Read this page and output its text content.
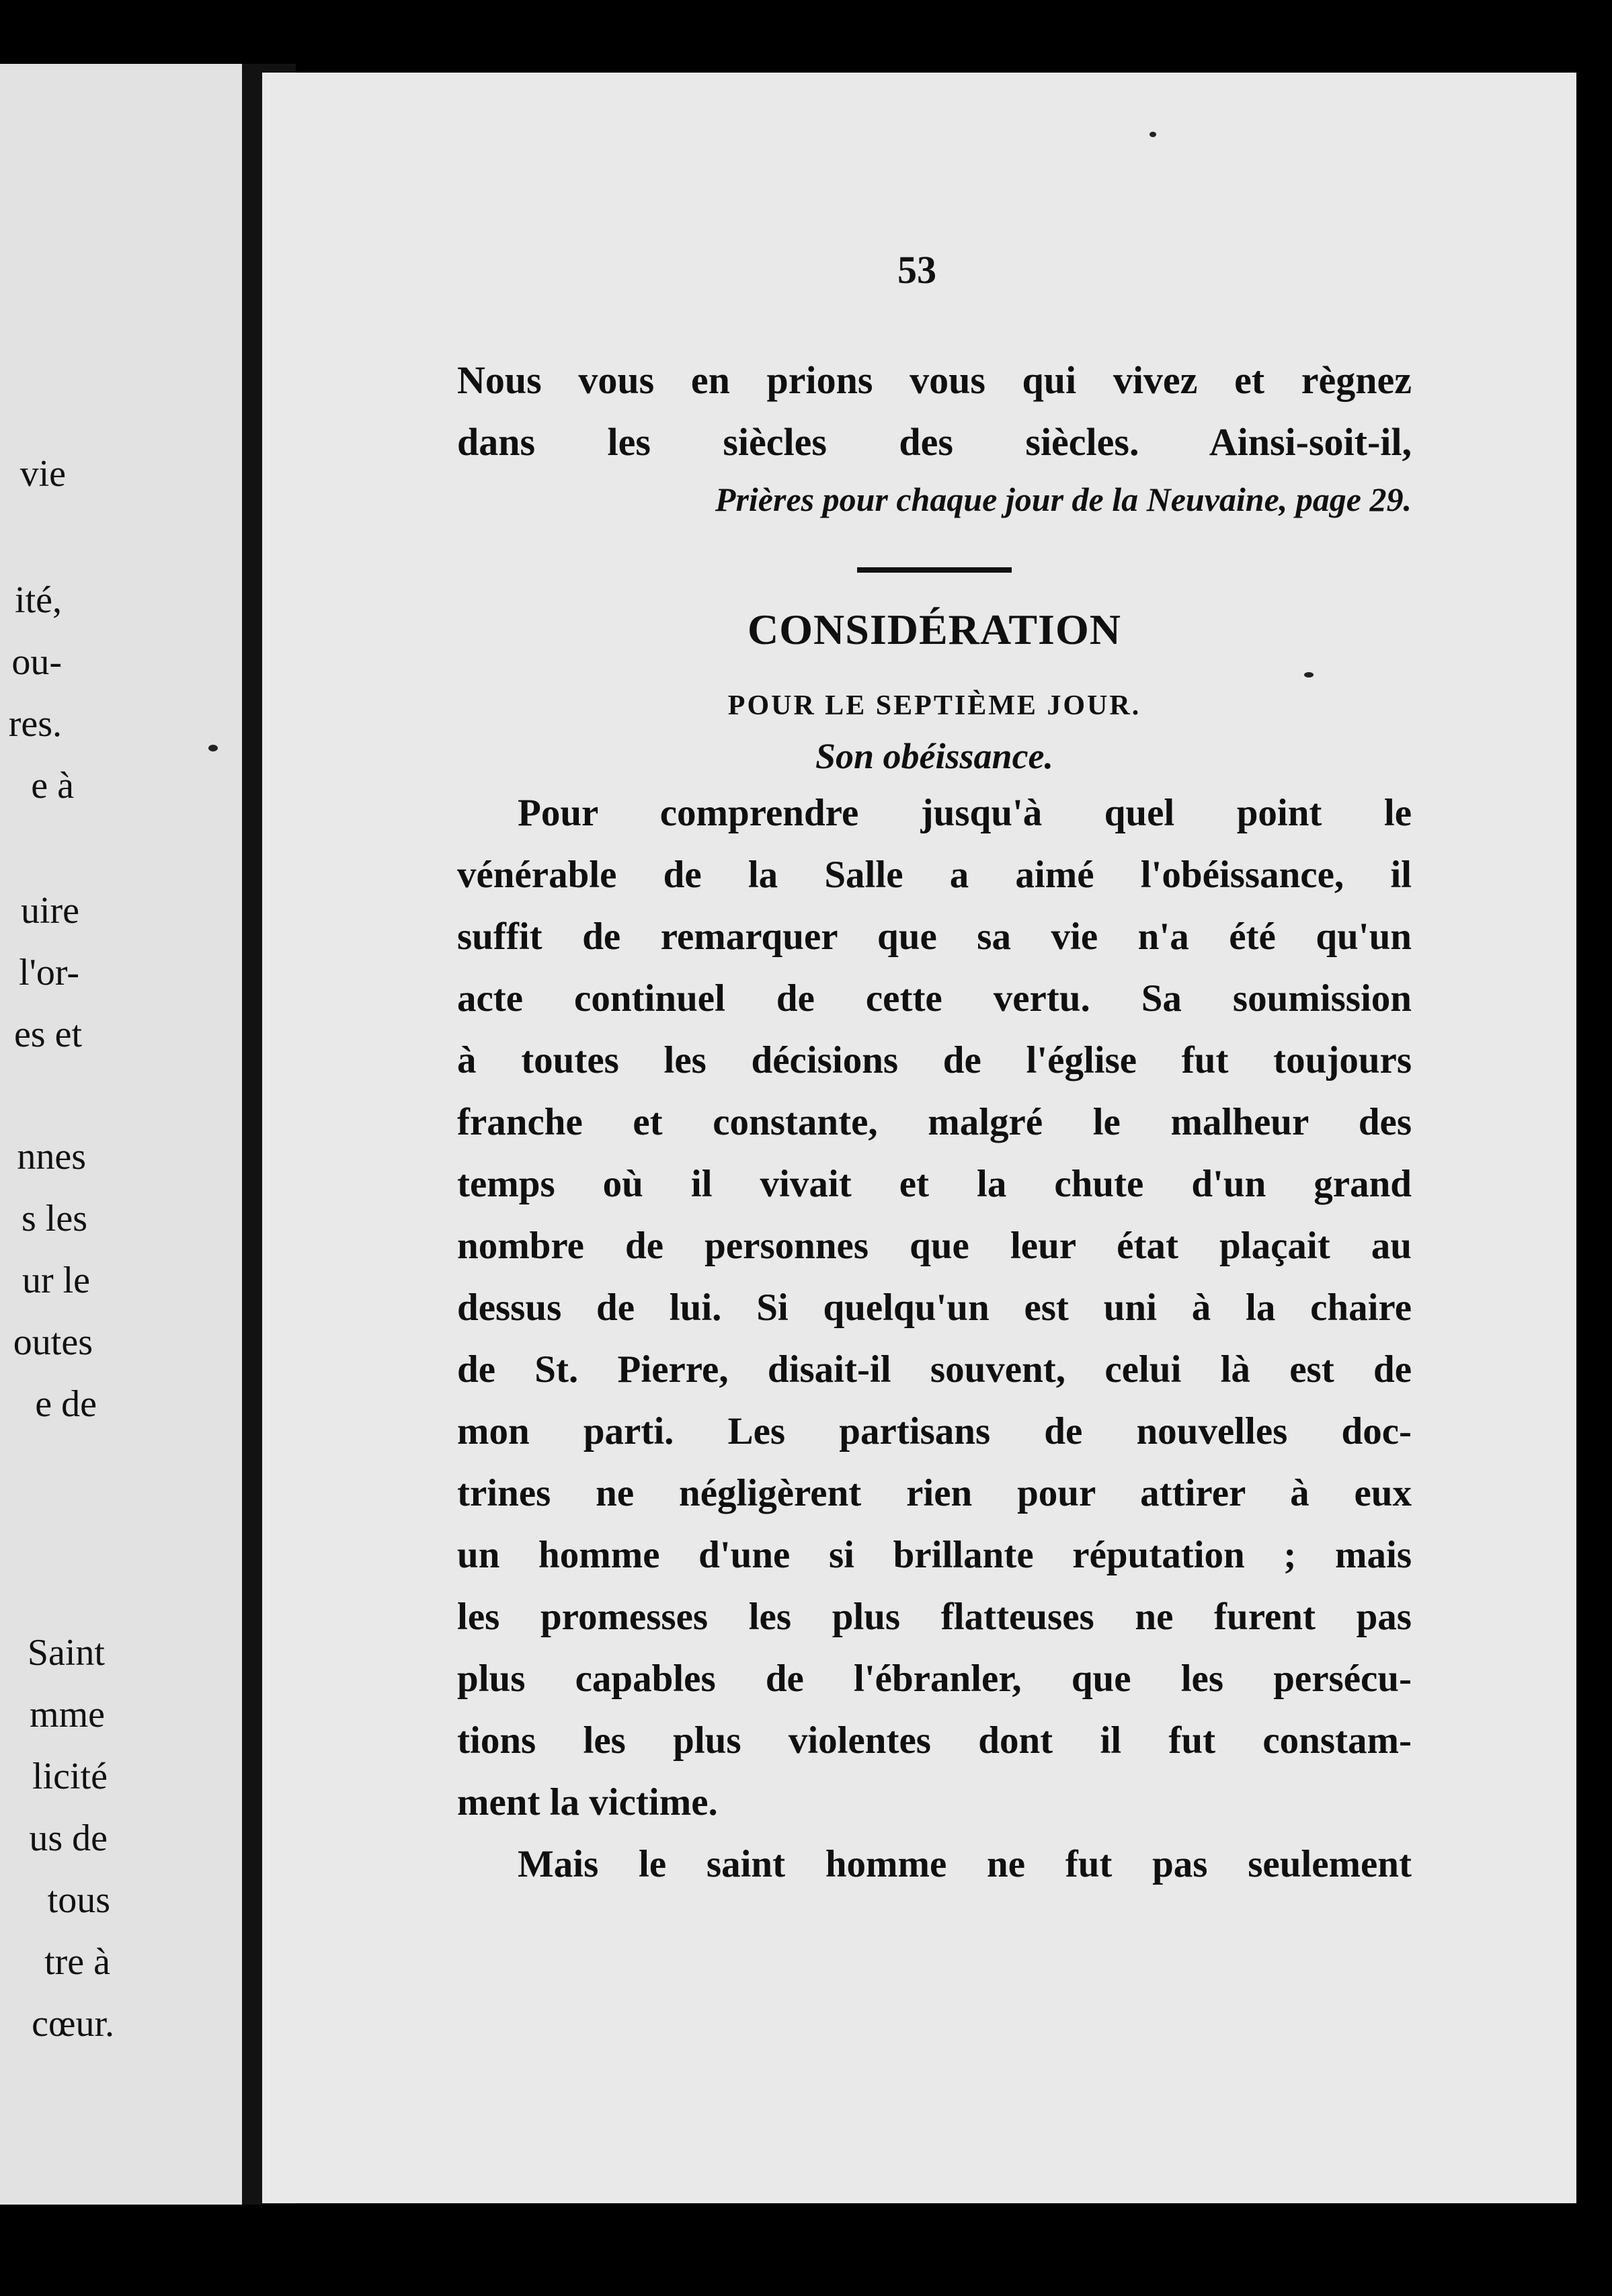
vie
ité,
ou-
res.
e à
uire
l'or-
es et
nnes
s les
ur le
outes
e de
Saint
mme
licité
us de
tous
tre à
cœur.
53
Nous vous en prions vous qui vivez et règnez
dans les siècles des siècles. Ainsi-soit-il,
Prières pour chaque jour de la Neuvaine, page 29.
CONSIDÉRATION
POUR LE SEPTIÈME JOUR.
Son obéissance.
Pour comprendre jusqu'à quel point le
vénérable de la Salle a aimé l'obéissance, il
suffit de remarquer que sa vie n'a été qu'un
acte continuel de cette vertu. Sa soumission
à toutes les décisions de l'église fut toujours
franche et constante, malgré le malheur des
temps où il vivait et la chute d'un grand
nombre de personnes que leur état plaçait au
dessus de lui. Si quelqu'un est uni à la chaire
de St. Pierre, disait-il souvent, celui là est de
mon parti. Les partisans de nouvelles doc-
trines ne négligèrent rien pour attirer à eux
un homme d'une si brillante réputation ; mais
les promesses les plus flatteuses ne furent pas
plus capables de l'ébranler, que les persécu-
tions les plus violentes dont il fut constam-
ment la victime.
Mais le saint homme ne fut pas seulement
